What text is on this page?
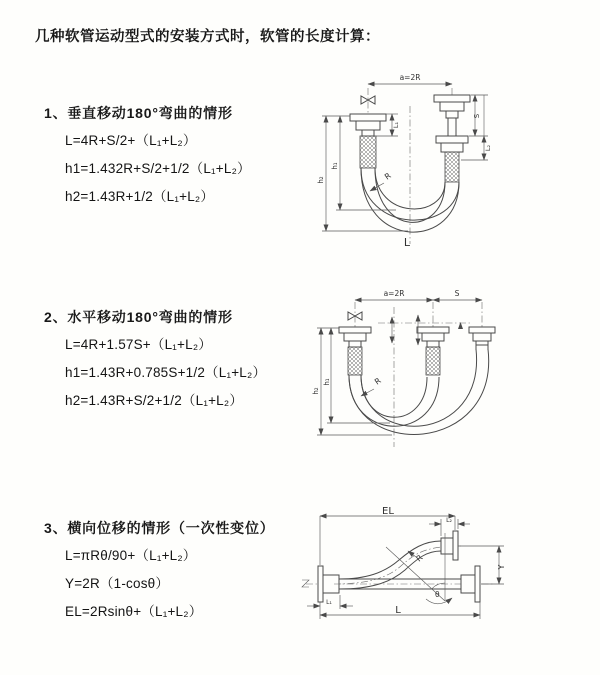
几种软管运动型式的安装方式时，软管的长度计算：
1、垂直移动180°弯曲的情形
L=4R+S/2+（L₁+L₂）
h1=1.432R+S/2+1/2（L₁+L₂）
h2=1.43R+1/2（L₁+L₂）
2、水平移动180°弯曲的情形
L=4R+1.57S+（L₁+L₂）
h1=1.43R+0.785S+1/2（L₁+L₂）
h2=1.43R+S/2+1/2（L₁+L₂）
3、横向位移的情形（一次性变位）
L=πRθ/90+（L₁+L₂）
Y=2R（1-cosθ）
EL=2Rsinθ+（L₁+L₂）
a=2R
h₂
h₁
L₁
S
L₂
R
L
a=2R	S
h₂
h₁	R
EL
L₂
Y
θ
R
L₁
L
